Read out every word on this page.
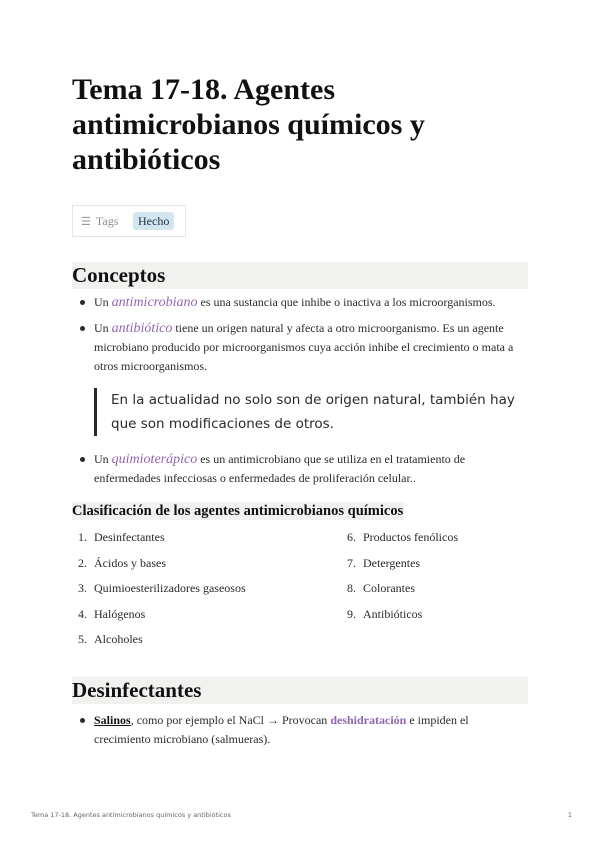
Tema 17-18. Agentes antimicrobianos químicos y antibióticos
☰ Tags	Hecho
Conceptos
Un antimicrobiano es una sustancia que inhibe o inactiva a los microorganismos.
Un antibiótico tiene un origen natural y afecta a otro microorganismo. Es un agente microbiano producido por microorganismos cuya acción inhibe el crecimiento o mata a otros microorganismos.
En la actualidad no solo son de origen natural, también hay que son modificaciones de otros.
Un quimioterápico es un antimicrobiano que se utiliza en el tratamiento de enfermedades infecciosas o enfermedades de proliferación celular..
Clasificación de los agentes antimicrobianos químicos
1. Desinfectantes
2. Ácidos y bases
3. Quimioesterilizadores gaseosos
4. Halógenos
5. Alcoholes
6. Productos fenólicos
7. Detergentes
8. Colorantes
9. Antibióticos
Desinfectantes
Salinos, como por ejemplo el NaCl → Provocan deshidratación e impiden el crecimiento microbiano (salmueras).
Tema 17-18. Agentes antimicrobianos químicos y antibióticos	1
